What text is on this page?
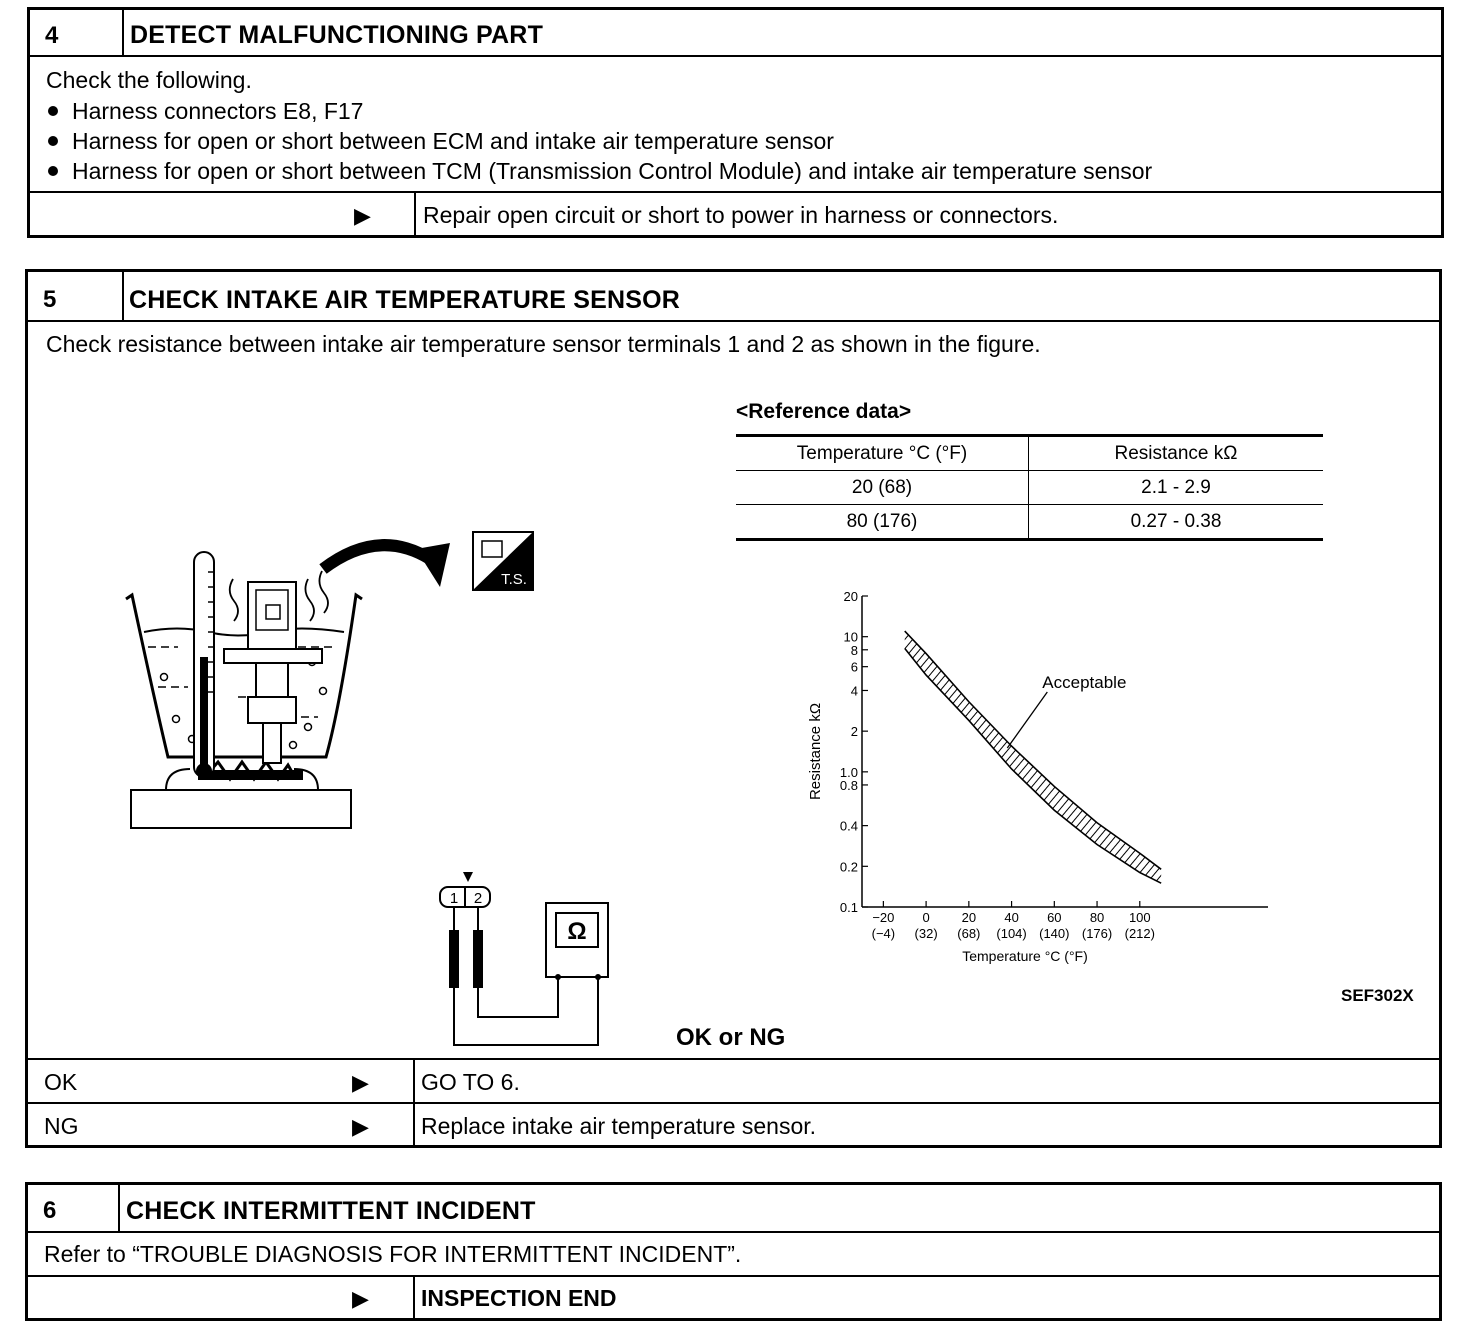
4	DETECT MALFUNCTIONING PART
Check the following.
Harness connectors E8, F17
Harness for open or short between ECM and intake air temperature sensor
Harness for open or short between TCM (Transmission Control Module) and intake air temperature sensor
▶ Repair open circuit or short to power in harness or connectors.
5	CHECK INTAKE AIR TEMPERATURE SENSOR
Check resistance between intake air temperature sensor terminals 1 and 2 as shown in the figure.
1 2
Ω
T.S.
<Reference data>
Temperature °C (°F)	Resistance kΩ
20 (68)	2.1 - 2.9
80 (176)	0.27 - 0.38
20
10
8
6
4
2
1.0
0.8
0.4
0.2
0.1
−20
(−4)
0
(32)
20
(68)
40
(104)
60
(140)
80
(176)
100
(212)
Temperature °C (°F)
Resistance kΩ
Acceptable
SEF302X
OK or NG
OK	▶ GO TO 6.
NG	▶ Replace intake air temperature sensor.
6	CHECK INTERMITTENT INCIDENT
Refer to “TROUBLE DIAGNOSIS FOR INTERMITTENT INCIDENT”.
▶ INSPECTION END
